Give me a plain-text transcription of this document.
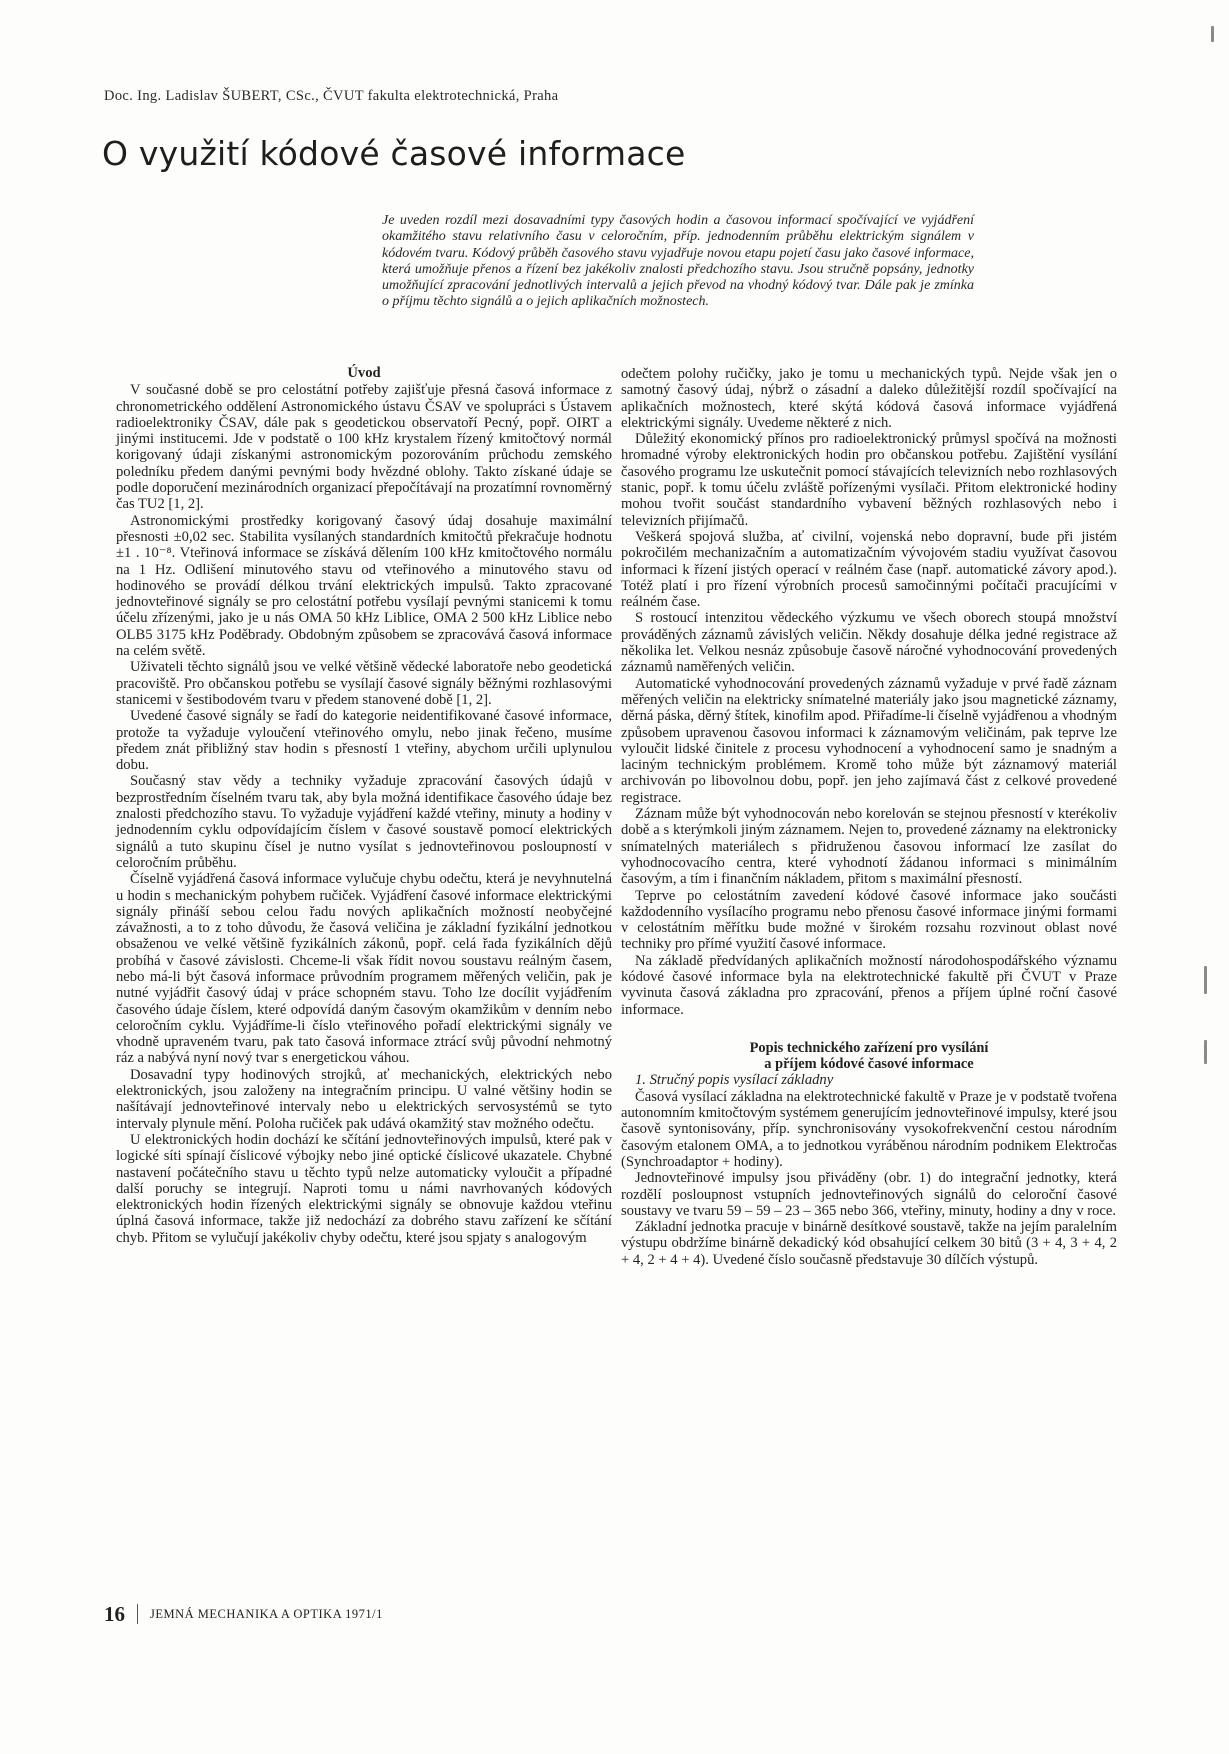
Doc. Ing. Ladislav ŠUBERT, CSc., ČVUT fakulta elektrotechnická, Praha
O využití kódové časové informace
Je uveden rozdíl mezi dosavadními typy časových hodin a časovou informací spočívající ve vyjádření okamžitého stavu relativního času v celoročním, příp. jednodenním průběhu elektrickým signálem v kódovém tvaru. Kódový průběh časového stavu vyjadřuje novou etapu pojetí času jako časové informace, která umožňuje přenos a řízení bez jakékoliv znalosti předchozího stavu. Jsou stručně popsány, jednotky umožňující zpracování jednotlivých intervalů a jejich převod na vhodný kódový tvar. Dále pak je zmínka o příjmu těchto signálů a o jejich aplikačních možnostech.
Úvod

V současné době se pro celostátní potřeby zajišťuje přesná časová informace z chronometrického oddělení Astronomického ústavu ČSAV ve spolupráci s Ústavem radioelektroniky ČSAV, dále pak s geodetickou observatoří Pecný, popř. OIRT a jinými institucemi. Jde v podstatě o 100 kHz krystalem řízený kmitočtový normál korigovaný údaji získanými astronomickým pozorováním průchodu zemského poledníku předem danými pevnými body hvězdné oblohy. Takto získané údaje se podle doporučení mezinárodních organizací přepočítávají na prozatímní rovnoměrný čas TU2 [1, 2].

Astronomickými prostředky korigovaný časový údaj dosahuje maximální přesnosti ±0,02 sec. Stabilita vysílaných standardních kmitočtů překračuje hodnotu ±1 . 10⁻⁸. Vteřinová informace se získává dělením 100 kHz kmitočtového normálu na 1 Hz. Odlišení minutového stavu od vteřinového a minutového stavu od hodinového se provádí délkou trvání elektrických impulsů. Takto zpracované jednovteřinové signály se pro celostátní potřebu vysílají pevnými stanicemi k tomu účelu zřízenými, jako je u nás OMA 50 kHz Liblice, OMA 2 500 kHz Liblice nebo OLB5 3175 kHz Poděbrady. Obdobným způsobem se zpracovává časová informace na celém světě.

Uživateli těchto signálů jsou ve velké většině vědecké laboratoře nebo geodetická pracoviště. Pro občanskou potřebu se vysílají časové signály běžnými rozhlasovými stanicemi v šestibodovém tvaru v předem stanovené době [1, 2].

Uvedené časové signály se řadí do kategorie neidentifikované časové informace, protože ta vyžaduje vyloučení vteřinového omylu, nebo jinak řečeno, musíme předem znát přibližný stav hodin s přesností 1 vteřiny, abychom určili uplynulou dobu.

Současný stav vědy a techniky vyžaduje zpracování časových údajů v bezprostředním číselném tvaru tak, aby byla možná identifikace časového údaje bez znalosti předchozího stavu. To vyžaduje vyjádření každé vteřiny, minuty a hodiny v jednodenním cyklu odpovídajícím číslem v časové soustavě pomocí elektrických signálů a tuto skupinu čísel je nutno vysílat s jednovteřinovou posloupností v celoročním průběhu.

Číselně vyjádřená časová informace vylučuje chybu odečtu, která je nevyhnutelná u hodin s mechanickým pohybem ručiček. Vyjádření časové informace elektrickými signály přináší sebou celou řadu nových aplikačních možností neobyčejné závažnosti, a to z toho důvodu, že časová veličina je základní fyzikální jednotkou obsaženou ve velké většině fyzikálních zákonů, popř. celá řada fyzikálních dějů probíhá v časové závislosti. Chceme-li však řídit novou soustavu reálným časem, nebo má-li být časová informace průvodním programem měřených veličin, pak je nutné vyjádřit časový údaj v práce schopném stavu. Toho lze docílit vyjádřením časového údaje číslem, které odpovídá daným časovým okamžikům v denním nebo celoročním cyklu. Vyjádříme-li číslo vteřinového pořadí elektrickými signály ve vhodně upraveném tvaru, pak tato časová informace ztrácí svůj původní nehmotný ráz a nabývá nyní nový tvar s energetickou váhou.

Dosavadní typy hodinových strojků, ať mechanických, elektrických nebo elektronických, jsou založeny na integračním principu. U valné většiny hodin se našítávají jednovteřinové intervaly nebo u elektrických servosystémů se tyto intervaly plynule mění. Poloha ručiček pak udává okamžitý stav možného odečtu.

U elektronických hodin dochází ke sčítání jednovteřinových impulsů, které pak v logické síti spínají číslicové výbojky nebo jiné optické číslicové ukazatele. Chybné nastavení počátečního stavu u těchto typů nelze automaticky vyloučit a případné další poruchy se integrují. Naproti tomu u námi navrhovaných kódových elektronických hodin řízených elektrickými signály se obnovuje každou vteřinu úplná časová informace, takže již nedochází za dobrého stavu zařízení ke sčítání chyb. Přitom se vylučují jakékoliv chyby odečtu, které jsou spjaty s analogovým

odečtem polohy ručičky, jako je tomu u mechanických typů. Nejde však jen o samotný časový údaj, nýbrž o zásadní a daleko důležitější rozdíl spočívající na aplikačních možnostech, které skýtá kódová časová informace vyjádřená elektrickými signály. Uvedeme některé z nich.

Důležitý ekonomický přínos pro radioelektronický průmysl spočívá na možnosti hromadné výroby elektronických hodin pro občanskou potřebu. Zajištění vysílání časového programu lze uskutečnit pomocí stávajících televizních nebo rozhlasových stanic, popř. k tomu účelu zvláště pořízenými vysílači. Přitom elektronické hodiny mohou tvořit součást standardního vybavení běžných rozhlasových nebo i televizních přijímačů.

Veškerá spojová služba, ať civilní, vojenská nebo dopravní, bude při jistém pokročilém mechanizačním a automatizačním vývojovém stadiu využívat časovou informaci k řízení jistých operací v reálném čase (např. automatické závory apod.). Totéž platí i pro řízení výrobních procesů samočinnými počítači pracujícími v reálném čase.

S rostoucí intenzitou vědeckého výzkumu ve všech oborech stoupá množství prováděných záznamů závislých veličin. Někdy dosahuje délka jedné registrace až několika let. Velkou nesnáz způsobuje časově náročné vyhodnocování provedených záznamů naměřených veličin.

Automatické vyhodnocování provedených záznamů vyžaduje v prvé řadě záznam měřených veličin na elektricky snímatelné materiály jako jsou magnetické záznamy, děrná páska, děrný štítek, kinofilm apod. Přiřadíme-li číselně vyjádřenou a vhodným způsobem upravenou časovou informaci k záznamovým veličinám, pak teprve lze vyloučit lidské činitele z procesu vyhodnocení a vyhodnocení samo je snadným a laciným technickým problémem. Kromě toho může být záznamový materiál archivován po libovolnou dobu, popř. jen jeho zajímavá část z celkové provedené registrace.

Záznam může být vyhodnocován nebo korelován se stejnou přesností v kterékoliv době a s kterýmkoli jiným záznamem. Nejen to, provedené záznamy na elektronicky snímatelných materiálech s přidruženou časovou informací lze zasílat do vyhodnocovacího centra, které vyhodnotí žádanou informaci s minimálním časovým, a tím i finančním nákladem, přitom s maximální přesností.

Teprve po celostátním zavedení kódové časové informace jako součásti každodenního vysílacího programu nebo přenosu časové informace jinými formami v celostátním měřítku bude možné v širokém rozsahu rozvinout oblast nové techniky pro přímé využití časové informace.

Na základě předvídaných aplikačních možností národohospodářského významu kódové časové informace byla na elektrotechnické fakultě při ČVUT v Praze vyvinuta časová základna pro zpracování, přenos a příjem úplné roční časové informace.

Popis technického zařízení pro vysílání
a příjem kódové časové informace

1. Stručný popis vysílací základny

Časová vysílací základna na elektrotechnické fakultě v Praze je v podstatě tvořena autonomním kmitočtovým systémem generujícím jednovteřinové impulsy, které jsou časově syntonisovány, příp. synchronisovány vysokofrekvenční cestou národním časovým etalonem OMA, a to jednotkou vyráběnou národním podnikem Elektročas (Synchroadaptor + hodiny).

Jednovteřinové impulsy jsou přiváděny (obr. 1) do integrační jednotky, která rozdělí posloupnost vstupních jednovteřinových signálů do celoroční časové soustavy ve tvaru 59 – 59 – 23 – 365 nebo 366, vteřiny, minuty, hodiny a dny v roce.

Základní jednotka pracuje v binárně desítkové soustavě, takže na jejím paralelním výstupu obdržíme binárně dekadický kód obsahující celkem 30 bitů (3 + 4, 3 + 4, 2 + 4, 2 + 4 + 4). Uvedené číslo současně představuje 30 dílčích výstupů.

16 JEMNÁ MECHANIKA A OPTIKA 1971/1
